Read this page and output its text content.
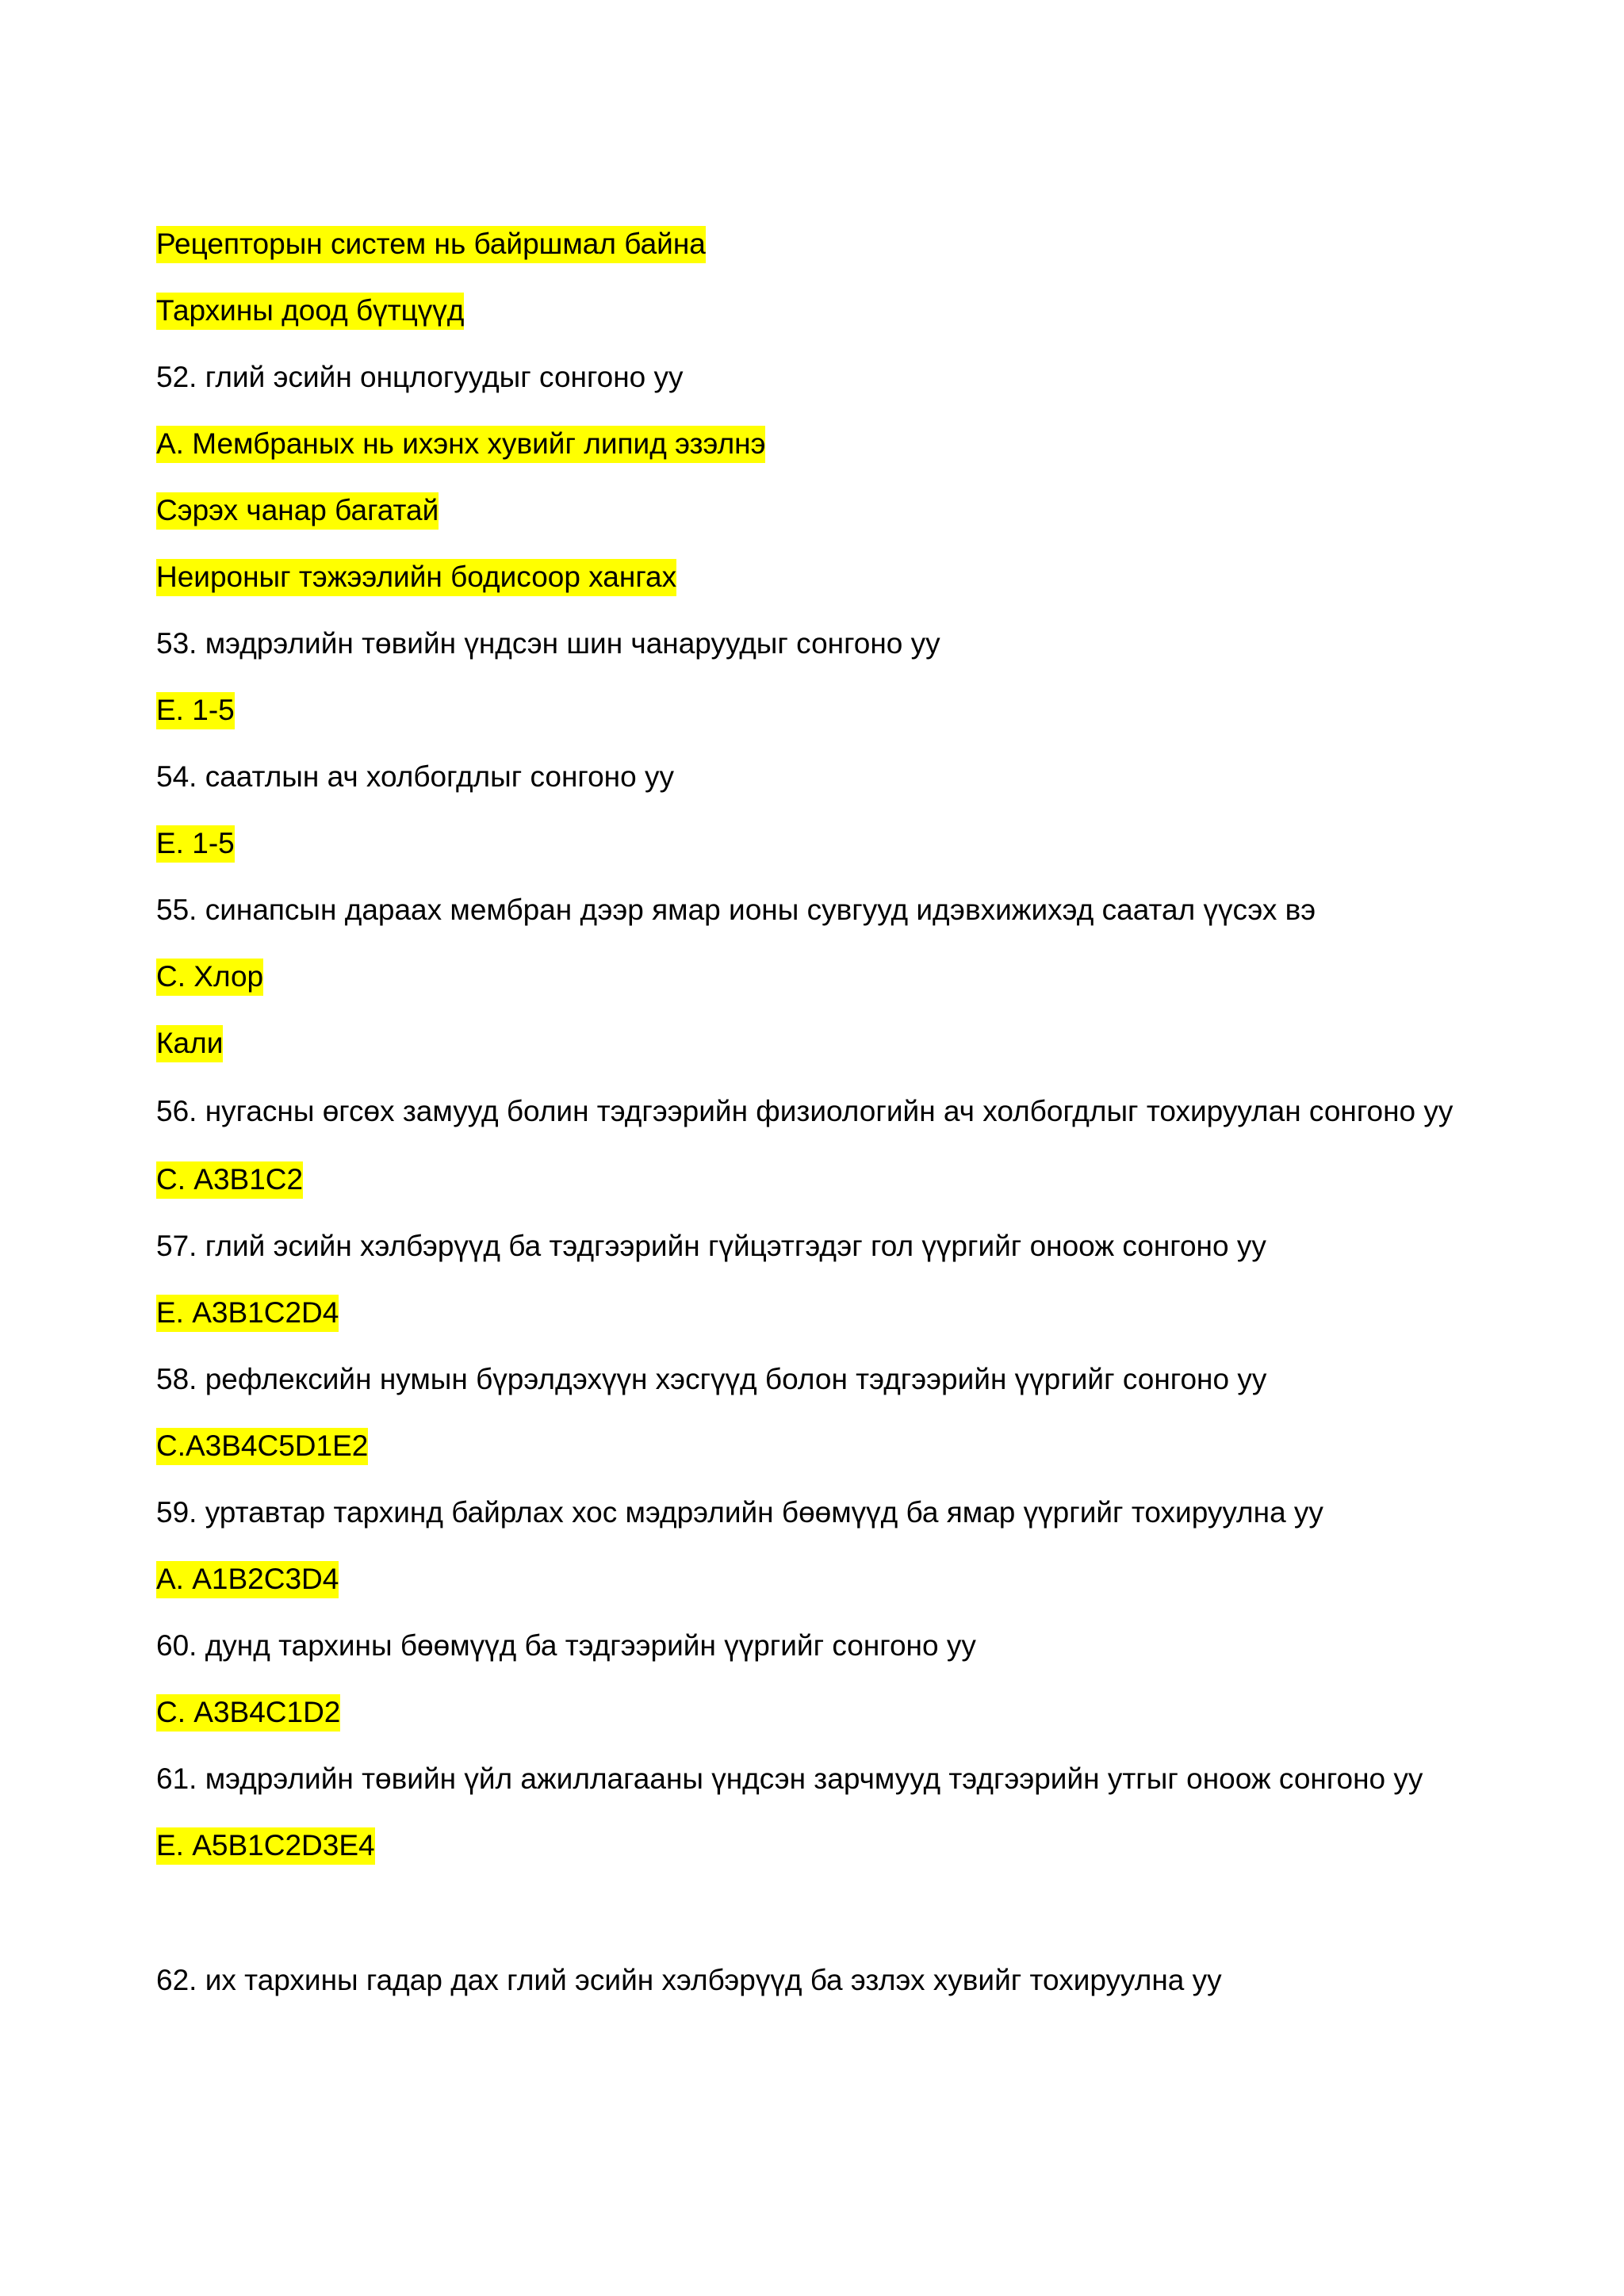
Рецепторын систем нь байршмал байна

Тархины доод бүтцүүд

52. глий эсийн онцлогуудыг сонгоно уу

А. Мембраных нь ихэнх хувийг липид эзэлнэ

Сэрэх чанар багатай

Неироныг тэжээлийн бодисоор хангах

53. мэдрэлийн төвийн үндсэн шин чанаруудыг сонгоно уу

Е. 1-5

54. саатлын ач холбогдлыг сонгоно уу

Е. 1-5

55. синапсын дараах мембран дээр ямар ионы сувгууд идэвхижихэд саатал үүсэх вэ

С. Хлор

Кали

56. нугасны өгсөх замууд болин тэдгээрийн физиологийн ач холбогдлыг тохируулан сонгоно уу

С. А3В1С2

57. глий эсийн хэлбэрүүд ба тэдгээрийн гүйцэтгэдэг гол үүргийг оноож сонгоно уу

Е. А3В1С2D4

58. рефлексийн нумын бүрэлдэхүүн хэсгүүд болон тэдгээрийн үүргийг сонгоно уу

С.А3В4С5D1E2

59. уртавтар тархинд байрлах хос мэдрэлийн бөөмүүд ба ямар үүргийг тохируулна уу

А. А1В2С3D4

60. дунд тархины бөөмүүд ба тэдгээрийн үүргийг сонгоно уу

С. А3В4С1D2

61. мэдрэлийн төвийн үйл ажиллагааны үндсэн зарчмууд тэдгээрийн утгыг оноож сонгоно уу

Е. А5В1С2D3E4

62. их тархины гадар дах глий эсийн хэлбэрүүд ба эзлэх хувийг тохируулна уу
